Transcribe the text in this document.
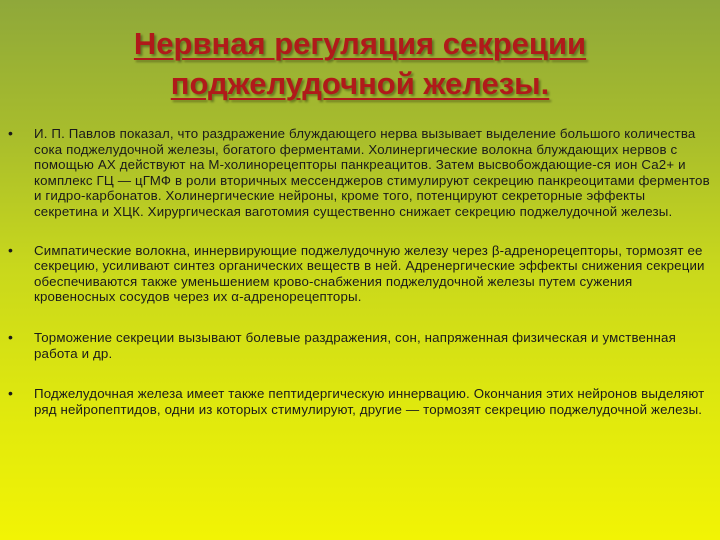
Нервная регуляция секреции
поджелудочной железы.
• И. П. Павлов показал, что раздражение блуждающего нерва вызывает выделение большого количества сока поджелудочной железы, богатого ферментами. Холинергические волокна блуждающих нервов с помощью АХ действуют на М-холинорецепторы панкреацитов. Затем высвобождающие-ся ион Са2+ и комплекс ГЦ — цГМФ в роли вторичных мессенджеров стимулируют секрецию панкреоцитами ферментов и гидро-карбонатов. Холинергические нейроны, кроме того, потенцируют секреторные эффекты секретина и ХЦК. Хирургическая ваготомия существенно снижает секрецию поджелудочной железы.
• Симпатические волокна, иннервирующие поджелудочную железу через β-адренорецепторы, тормозят ее секрецию, усиливают синтез органических веществ в ней. Адренергические эффекты снижения секреции обеспечиваются также уменьшением крово-снабжения поджелудочной железы путем сужения кровеносных сосудов через их α-адренорецепторы.
• Торможение секреции вызывают болевые раздражения, сон, напряженная физическая и умственная работа и др.
• Поджелудочная железа имеет также пептидергическую иннервацию. Окончания этих нейронов выделяют ряд нейропептидов, одни из которых стимулируют, другие — тормозят секрецию поджелудочной железы.
